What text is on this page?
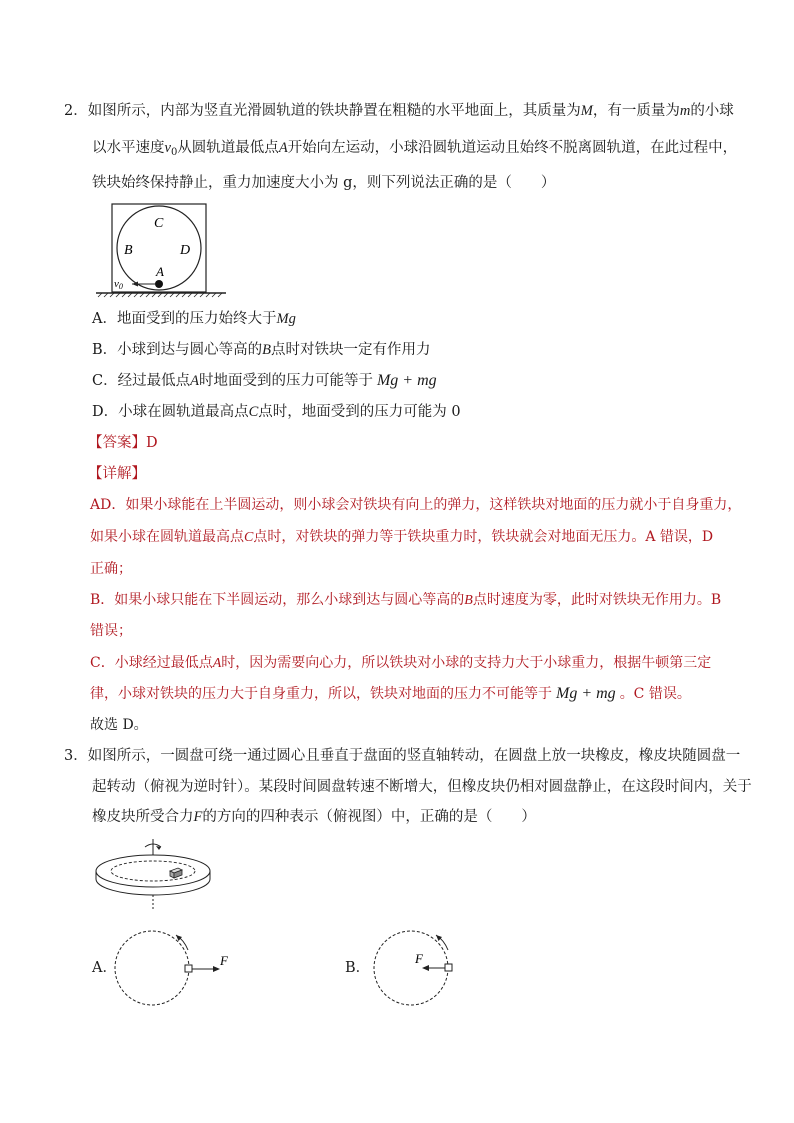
2．如图所示，内部为竖直光滑圆轨道的铁块静置在粗糙的水平地面上，其质量为M，有一质量为m的小球
以水平速度$v_0$从圆轨道最低点A开始向左运动，小球沿圆轨道运动且始终不脱离圆轨道，在此过程中，
铁块始终保持静止，重力加速度大小为 g，则下列说法正确的是（　　）
C
B	D
A
v0
A．地面受到的压力始终大于Mg
B．小球到达与圆心等高的B点时对铁块一定有作用力
C．经过最低点A时地面受到的压力可能等于 Mg + mg
D．小球在圆轨道最高点C点时，地面受到的压力可能为 0
【答案】D
【详解】
AD．如果小球能在上半圆运动，则小球会对铁块有向上的弹力，这样铁块对地面的压力就小于自身重力，
如果小球在圆轨道最高点C点时，对铁块的弹力等于铁块重力时，铁块就会对地面无压力。A 错误，D
正确；
B．如果小球只能在下半圆运动，那么小球到达与圆心等高的B点时速度为零，此时对铁块无作用力。B
错误；
C．小球经过最低点A时，因为需要向心力，所以铁块对小球的支持力大于小球重力，根据牛顿第三定
律，小球对铁块的压力大于自身重力，所以，铁块对地面的压力不可能等于 Mg + mg 。C 错误。
故选 D。
3．如图所示，一圆盘可绕一通过圆心且垂直于盘面的竖直轴转动，在圆盘上放一块橡皮，橡皮块随圆盘一
起转动（俯视为逆时针）。某段时间圆盘转速不断增大，但橡皮块仍相对圆盘静止，在这段时间内，关于
橡皮块所受合力F的方向的四种表示（俯视图）中，正确的是（　　）
A．	F	B．
F
